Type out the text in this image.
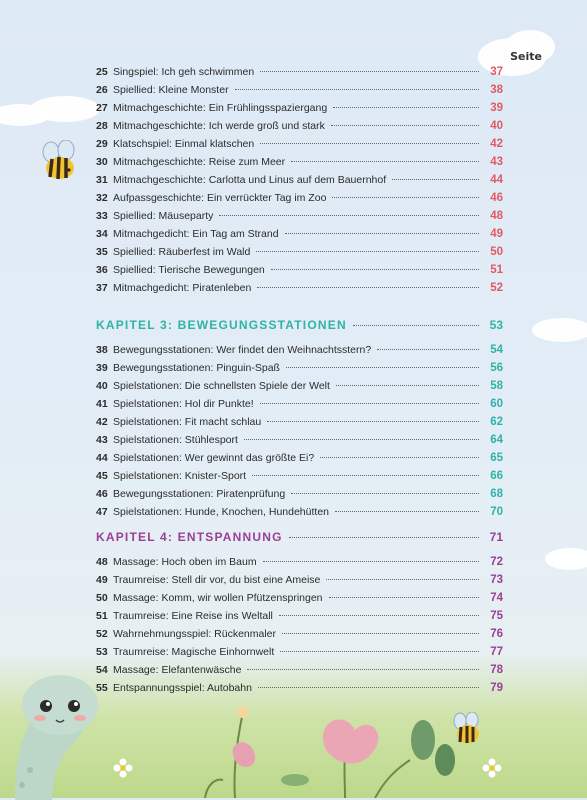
Seite
25 Singspiel: Ich geh schwimmen	37
26 Spiellied: Kleine Monster	38
27 Mitmachgeschichte: Ein Frühlingsspaziergang	39
28 Mitmachgeschichte: Ich werde groß und stark	40
29 Klatschspiel: Einmal klatschen	42
30 Mitmachgeschichte: Reise zum Meer	43
31 Mitmachgeschichte: Carlotta und Linus auf dem Bauernhof	44
32 Aufpassgeschichte: Ein verrückter Tag im Zoo	46
33 Spiellied: Mäuseparty	48
34 Mitmachgedicht: Ein Tag am Strand	49
35 Spiellied: Räuberfest im Wald	50
36 Spiellied: Tierische Bewegungen	51
37 Mitmachgedicht: Piratenleben	52
KAPITEL 3: BEWEGUNGSSTATIONEN	53
38 Bewegungsstationen: Wer findet den Weihnachtsstern?	54
39 Bewegungsstationen: Pinguin-Spaß	56
40 Spielstationen: Die schnellsten Spiele der Welt	58
41 Spielstationen: Hol dir Punkte!	60
42 Spielstationen: Fit macht schlau	62
43 Spielstationen: Stühlesport	64
44 Spielstationen: Wer gewinnt das größte Ei?	65
45 Spielstationen: Knister-Sport	66
46 Bewegungsstationen: Piratenprüfung	68
47 Spielstationen: Hunde, Knochen, Hundehütten	70
KAPITEL 4: ENTSPANNUNG	71
48 Massage: Hoch oben im Baum	72
49 Traumreise: Stell dir vor, du bist eine Ameise	73
50 Massage: Komm, wir wollen Pfützenspringen	74
51 Traumreise: Eine Reise ins Weltall	75
52 Wahrnehmungsspiel: Rückenmaler	76
53 Traumreise: Magische Einhornwelt	77
54 Massage: Elefantenwäsche	78
55 Entspannungsspiel: Autobahn	79
